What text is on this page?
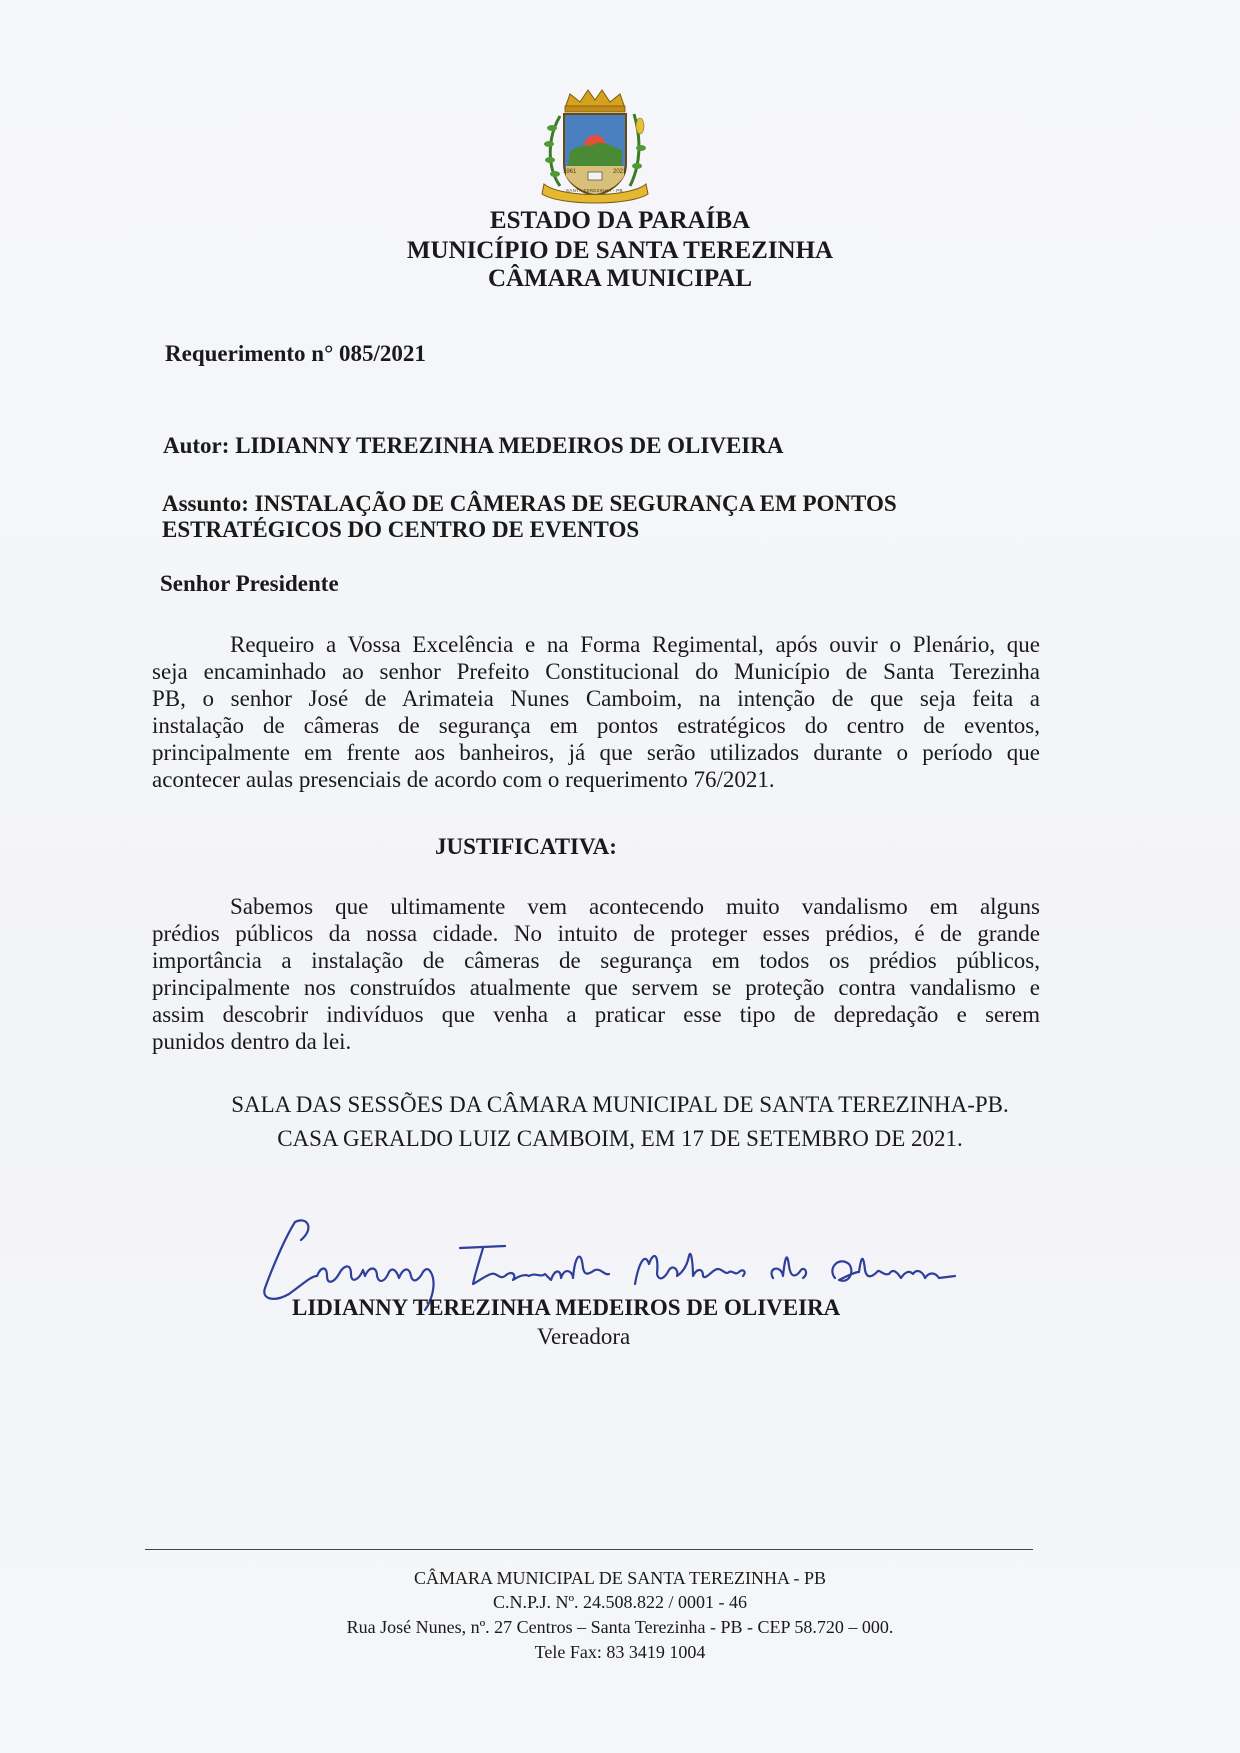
1961	2021
SANTA TEREZINHA - PB
ESTADO DA PARAÍBA
MUNICÍPIO DE SANTA TEREZINHA
CÂMARA MUNICIPAL
Requerimento n° 085/2021
Autor: LIDIANNY TEREZINHA MEDEIROS DE OLIVEIRA
Assunto: INSTALAÇÃO DE CÂMERAS DE SEGURANÇA EM PONTOS
ESTRATÉGICOS DO CENTRO DE EVENTOS
Senhor Presidente
Requeiro a Vossa Excelência e na Forma Regimental, após ouvir o Plenário, que
seja encaminhado ao senhor Prefeito Constitucional do Município de Santa Terezinha
PB, o senhor José de Arimateia Nunes Camboim, na intenção de que seja feita a
instalação de câmeras de segurança em pontos estratégicos do centro de eventos,
principalmente em frente aos banheiros, já que serão utilizados durante o período que
acontecer aulas presenciais de acordo com o requerimento 76/2021.
JUSTIFICATIVA:
Sabemos que ultimamente vem acontecendo muito vandalismo em alguns
prédios públicos da nossa cidade. No intuito de proteger esses prédios, é de grande
importância a instalação de câmeras de segurança em todos os prédios públicos,
principalmente nos construídos atualmente que servem se proteção contra vandalismo e
assim descobrir indivíduos que venha a praticar esse tipo de depredação e serem
punidos dentro da lei.
SALA DAS SESSÕES DA CÂMARA MUNICIPAL DE SANTA TEREZINHA-PB.
CASA GERALDO LUIZ CAMBOIM, EM 17 DE SETEMBRO DE 2021.
LIDIANNY TEREZINHA MEDEIROS DE OLIVEIRA
Vereadora
CÂMARA MUNICIPAL DE SANTA TEREZINHA - PB
C.N.P.J. Nº. 24.508.822 / 0001 - 46
Rua José Nunes, nº. 27 Centros – Santa Terezinha - PB - CEP 58.720 – 000.
Tele Fax: 83 3419 1004
